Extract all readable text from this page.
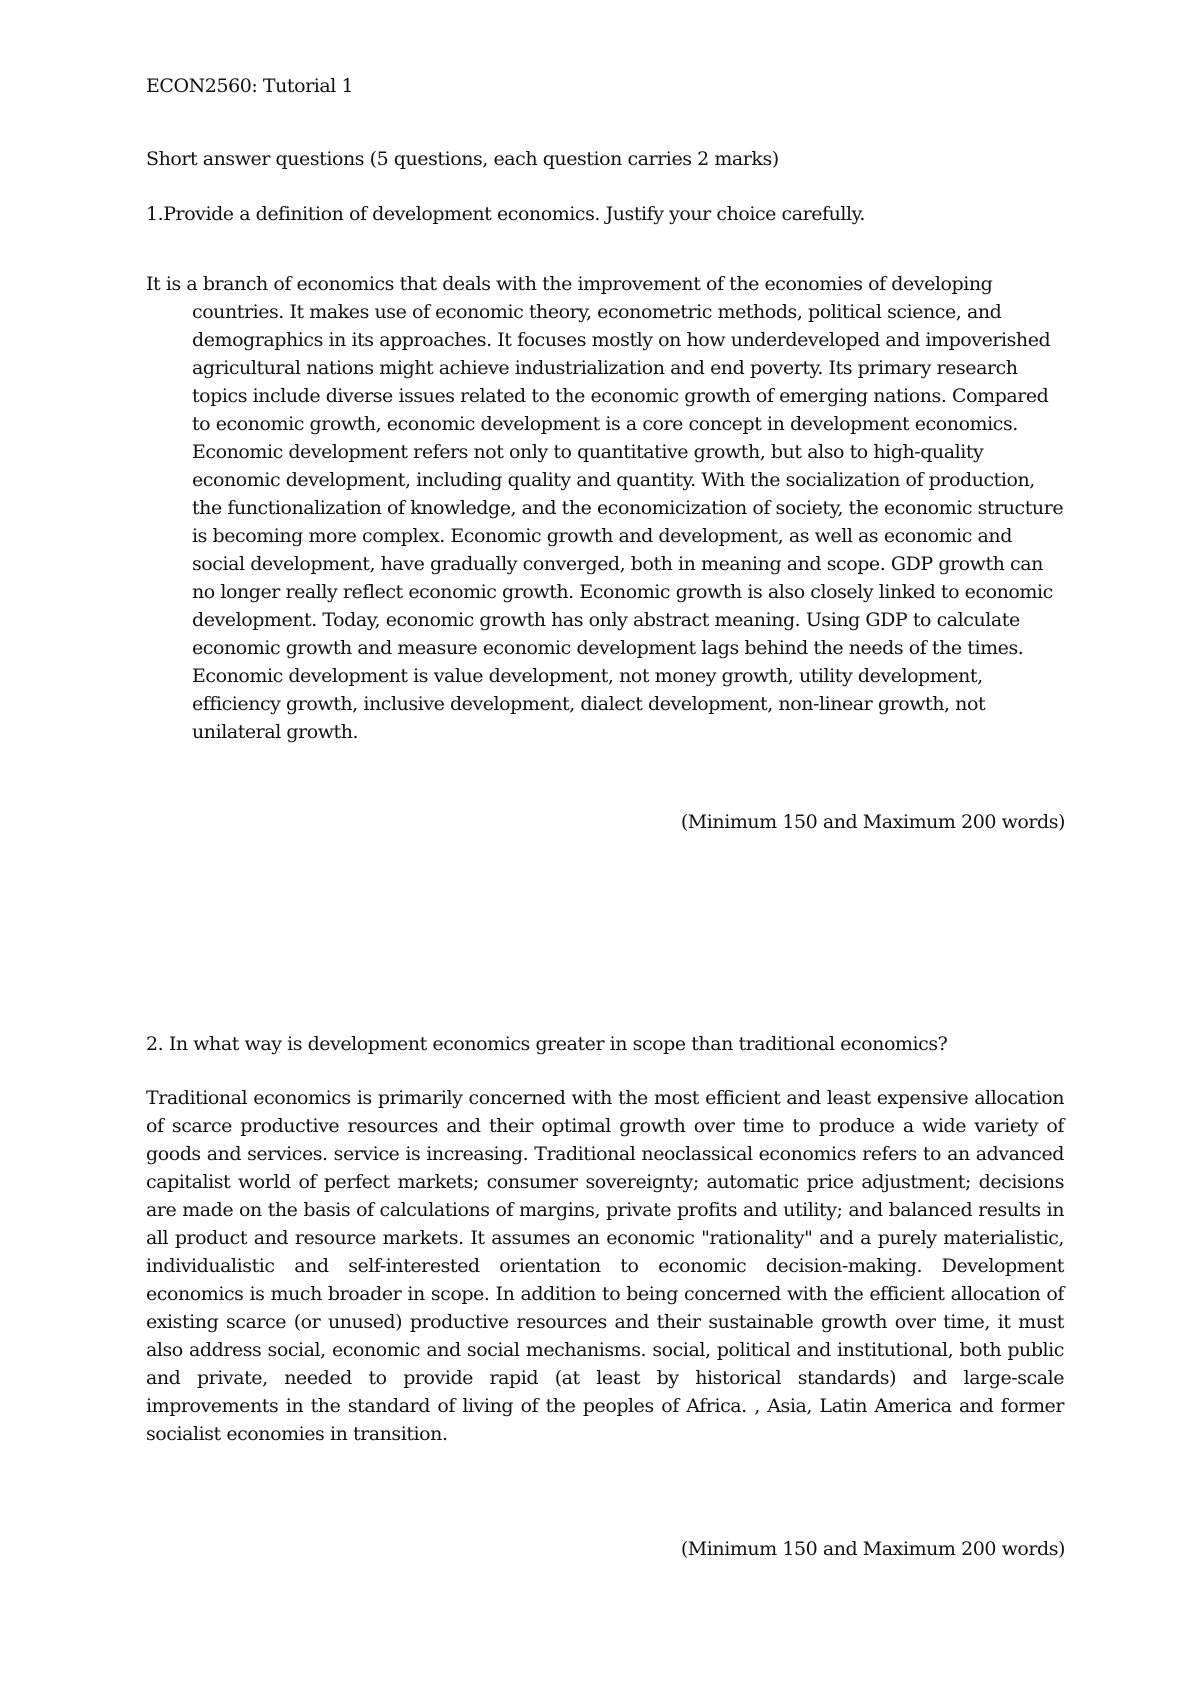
ECON2560: Tutorial 1

Short answer questions (5 questions, each question carries 2 marks)

1.Provide a definition of development economics. Justify your choice carefully.

It is a branch of economics that deals with the improvement of the economies of developing countries. It makes use of economic theory, econometric methods, political science, and demographics in its approaches. It focuses mostly on how underdeveloped and impoverished agricultural nations might achieve industrialization and end poverty. Its primary research topics include diverse issues related to the economic growth of emerging nations. Compared to economic growth, economic development is a core concept in development economics. Economic development refers not only to quantitative growth, but also to high-quality economic development, including quality and quantity. With the socialization of production, the functionalization of knowledge, and the economicization of society, the economic structure is becoming more complex. Economic growth and development, as well as economic and social development, have gradually converged, both in meaning and scope. GDP growth can no longer really reflect economic growth. Economic growth is also closely linked to economic development. Today, economic growth has only abstract meaning. Using GDP to calculate economic growth and measure economic development lags behind the needs of the times. Economic development is value development, not money growth, utility development, efficiency growth, inclusive development, dialect development, non-linear growth, not unilateral growth.

(Minimum 150 and Maximum 200 words)

2. In what way is development economics greater in scope than traditional economics?

Traditional economics is primarily concerned with the most efficient and least expensive allocation of scarce productive resources and their optimal growth over time to produce a wide variety of goods and services. service is increasing. Traditional neoclassical economics refers to an advanced capitalist world of perfect markets; consumer sovereignty; automatic price adjustment; decisions are made on the basis of calculations of margins, private profits and utility; and balanced results in all product and resource markets. It assumes an economic "rationality" and a purely materialistic, individualistic and self-interested orientation to economic decision-making. Development economics is much broader in scope. In addition to being concerned with the efficient allocation of existing scarce (or unused) productive resources and their sustainable growth over time, it must also address social, economic and social mechanisms. social, political and institutional, both public and private, needed to provide rapid (at least by historical standards) and large-scale improvements in the standard of living of the peoples of Africa. , Asia, Latin America and former socialist economies in transition.

(Minimum 150 and Maximum 200 words)
